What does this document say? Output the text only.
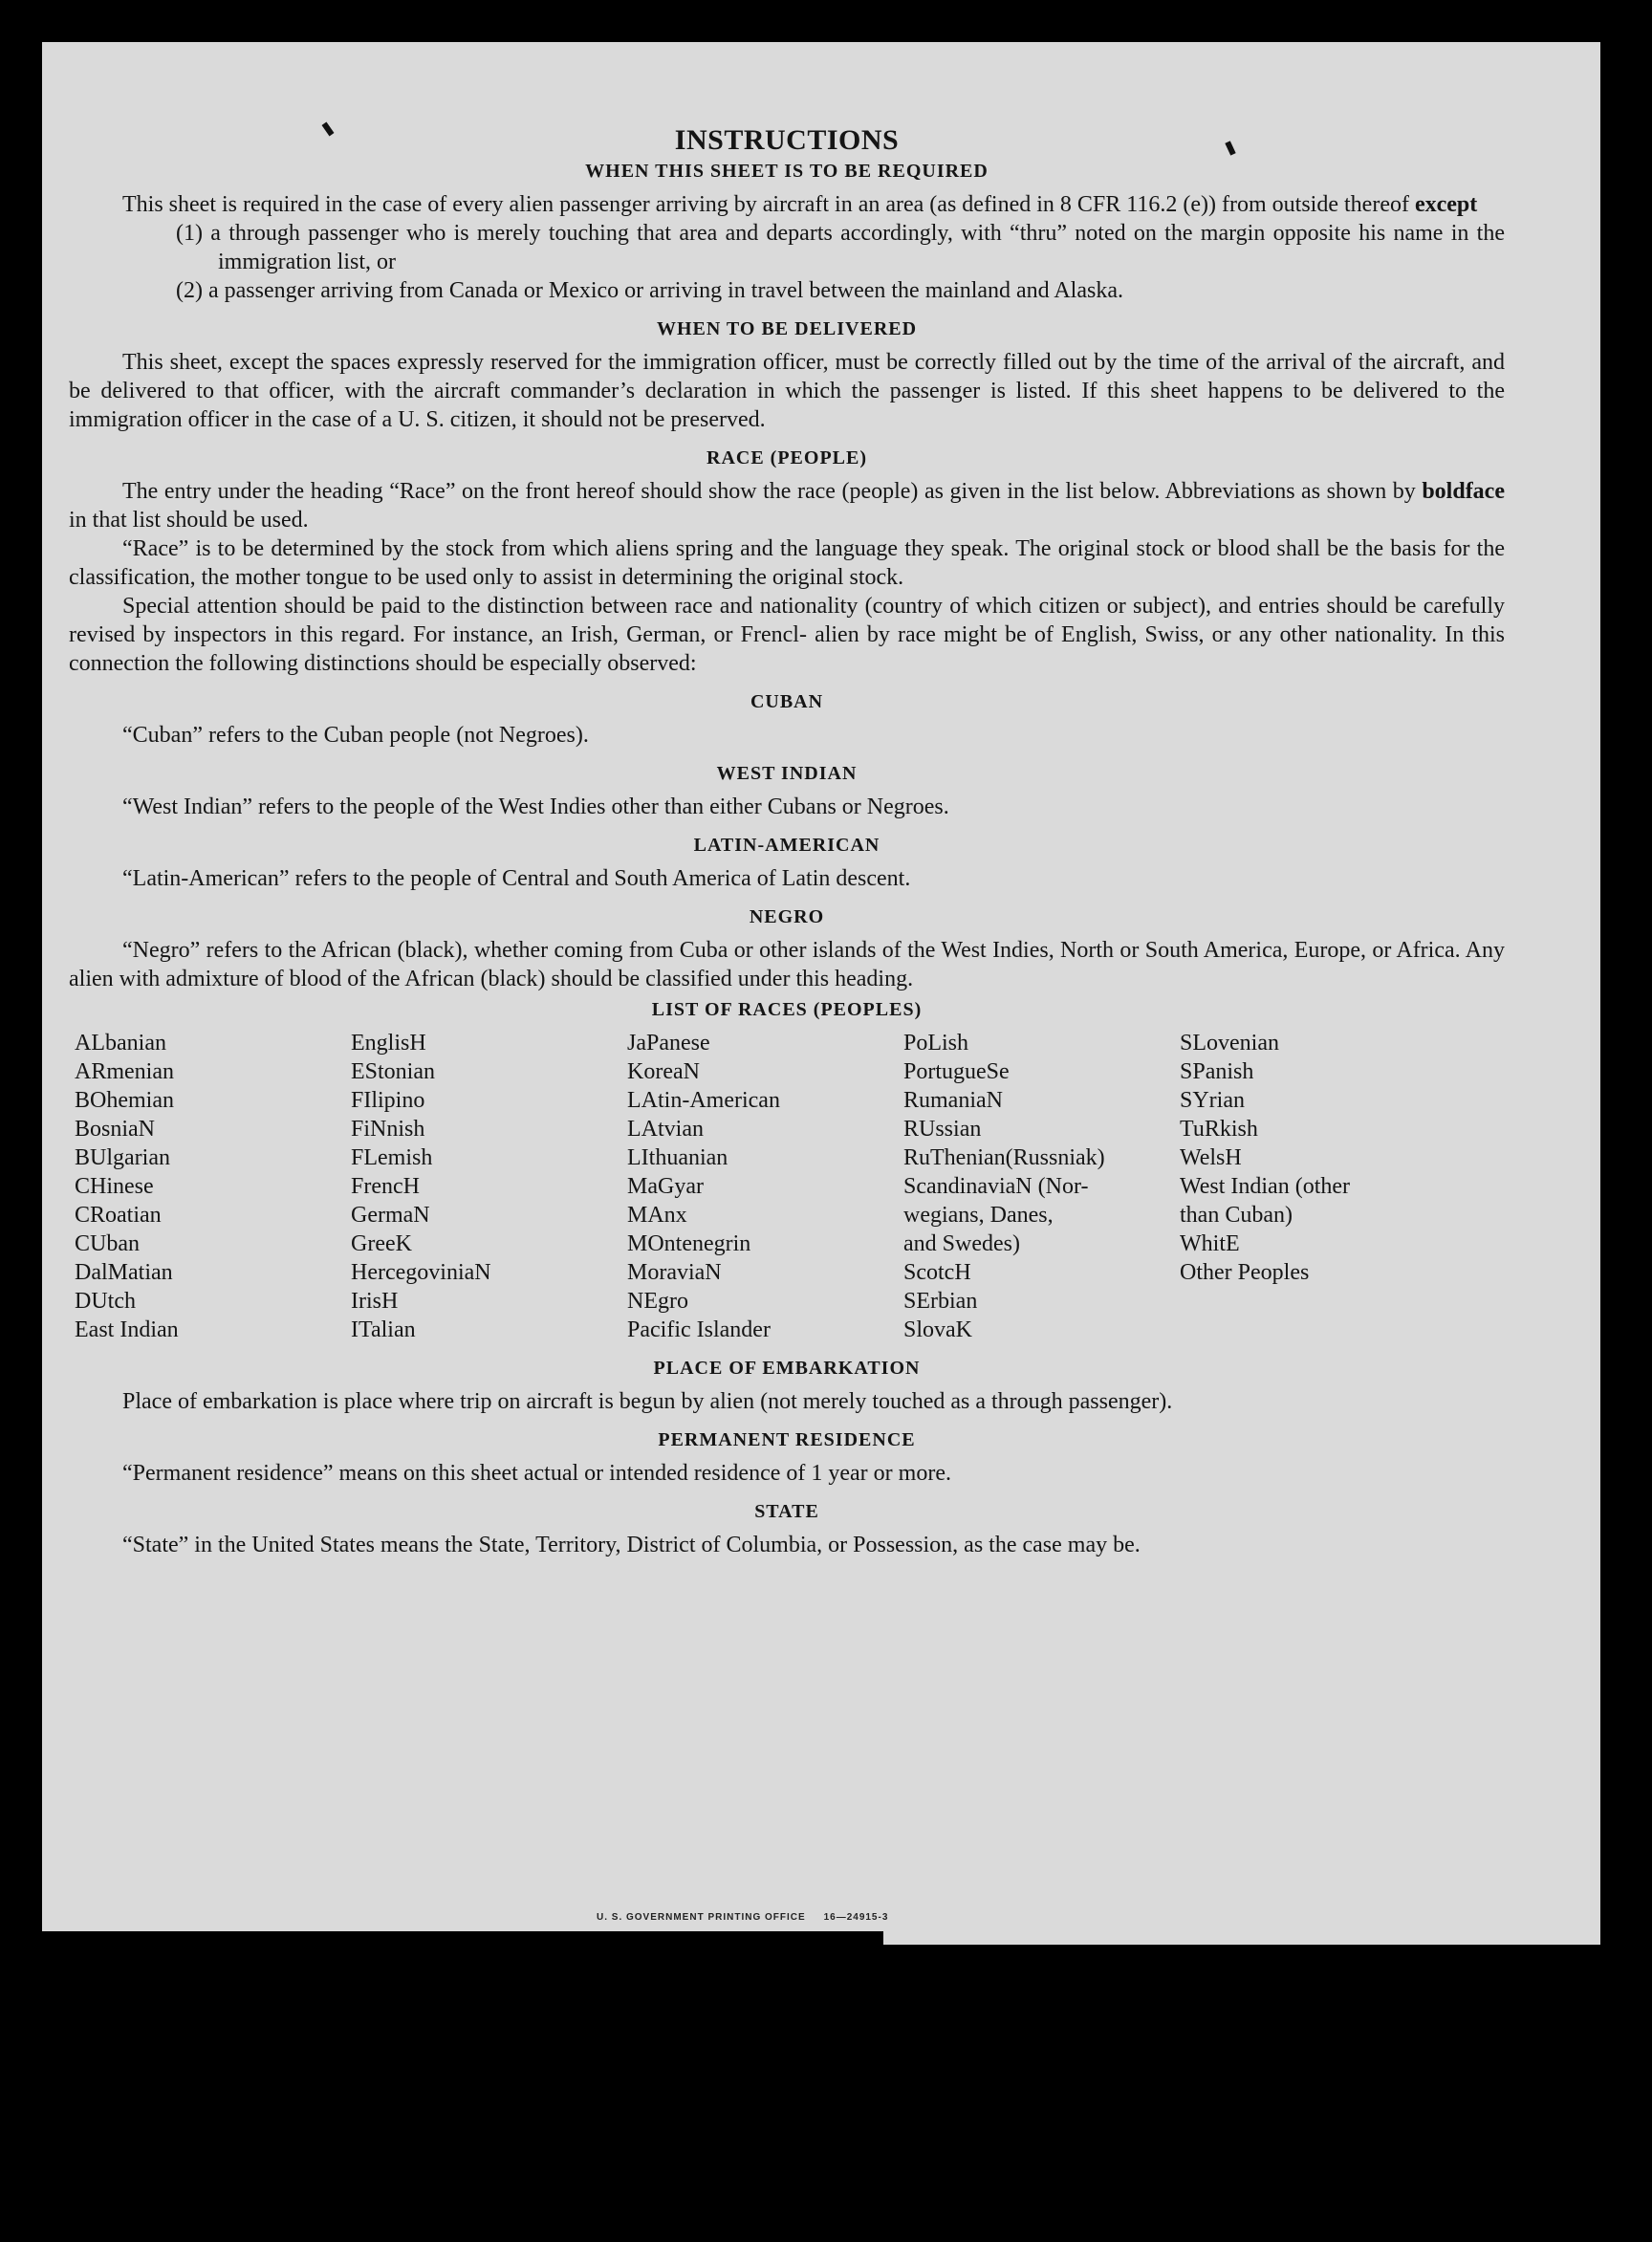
INSTRUCTIONS
WHEN THIS SHEET IS TO BE REQUIRED

This sheet is required in the case of every alien passenger arriving by aircraft in an area (as defined in 8 CFR 116.2 (e)) from outside thereof except

(1) a through passenger who is merely touching that area and departs accordingly, with “thru” noted on the margin opposite his name in the immigration list, or

(2) a passenger arriving from Canada or Mexico or arriving in travel between the mainland and Alaska.

WHEN TO BE DELIVERED

This sheet, except the spaces expressly reserved for the immigration officer, must be correctly filled out by the time of the arrival of the aircraft, and be delivered to that officer, with the aircraft commander’s declaration in which the passenger is listed. If this sheet happens to be delivered to the immigration officer in the case of a U. S. citizen, it should not be preserved.

RACE (PEOPLE)

The entry under the heading “Race” on the front hereof should show the race (people) as given in the list below. Abbreviations as shown by boldface in that list should be used.

“Race” is to be determined by the stock from which aliens spring and the language they speak. The original stock or blood shall be the basis for the classification, the mother tongue to be used only to assist in determining the original stock.

Special attention should be paid to the distinction between race and nationality (country of which citizen or subject), and entries should be carefully revised by inspectors in this regard. For instance, an Irish, German, or Frencl‑ alien by race might be of English, Swiss, or any other nationality. In this connection the following distinctions should be especially observed:

CUBAN

“Cuban” refers to the Cuban people (not Negroes).

WEST INDIAN

“West Indian” refers to the people of the West Indies other than either Cubans or Negroes.

LATIN-AMERICAN

“Latin-American” refers to the people of Central and South America of Latin descent.

NEGRO

“Negro” refers to the African (black), whether coming from Cuba or other islands of the West Indies, North or South America, Europe, or Africa. Any alien with admixture of blood of the African (black) should be classified under this heading.

LIST OF RACES (PEOPLES)
ALbanian
ARmenian
BOhemian
BosniaN
BUlgarian
CHinese
CRoatian
CUban
DalMatian
DUtch
East Indian
EnglisH
EStonian
FIlipino
FiNnish
FLemish
FrencH
GermaN
GreeK
HercegoviniaN
IrisH
ITalian
JaPanese
KoreaN
LAtin-American
LAtvian
LIthuanian
MaGyar
MAnx
MOntenegrin
MoraviaN
NEgro
Pacific Islander
PoLish
PortugueSe
RumaniaN
RUssian
RuThenian(Russniak)
ScandinaviaN (Nor-
wegians, Danes,
and Swedes)
ScotcH
SErbian
SlovaK
SLovenian
SPanish
SYrian
TuRkish
WelsH
West Indian (other
than Cuban)
WhitE
Other Peoples
PLACE OF EMBARKATION

Place of embarkation is place where trip on aircraft is begun by alien (not merely touched as a through passenger).

PERMANENT RESIDENCE

“Permanent residence” means on this sheet actual or intended residence of 1 year or more.

STATE

“State” in the United States means the State, Territory, District of Columbia, or Possession, as the case may be.

U. S. GOVERNMENT PRINTING OFFICE     16—24915-3
